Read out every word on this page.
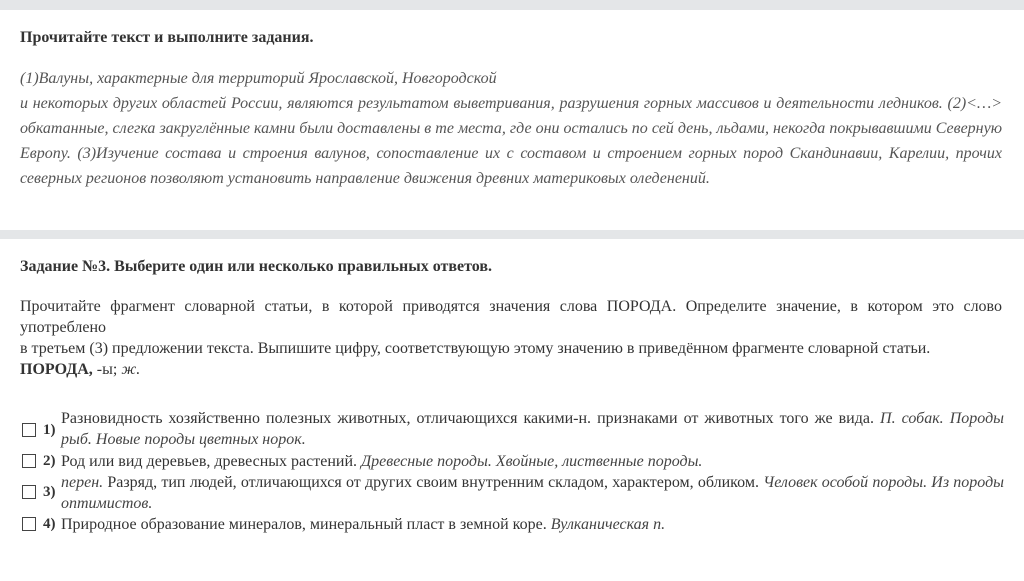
Прочитайте текст и выполните задания.

(1)Валуны, характерные для территорий Ярославской, Новгородской
и некоторых других областей России, являются результатом выветривания, разрушения горных массивов и деятельности ледников. (2)<…> обкатанные, слегка закруглённые камни были доставлены в те места, где они остались по сей день, льдами, некогда покрывавшими Северную Европу. (3)Изучение состава и строения валунов, сопоставление их с составом и строением горных пород Скандинавии, Карелии, прочих северных регионов позволяют установить направление движения древних материковых оледенений.

Задание №3. Выберите один или несколько правильных ответов.

Прочитайте фрагмент словарной статьи, в которой приводятся значения слова ПОРОДА. Определите значение, в котором это слово употреблено
в третьем (3) предложении текста. Выпишите цифру, соответствующую этому значению в приведённом фрагменте словарной статьи.
ПОРОДА, -ы; ж.
1)
Разновидность хозяйственно полезных животных, отличающихся какими-н. признаками от животных того же вида. П. собак. Породы рыб. Новые породы цветных норок.
2) Род или вид деревьев, древесных растений. Древесные породы. Хвойные, лиственные породы.
3)
перен. Разряд, тип людей, отличающихся от других своим внутренним складом, характером, обликом. Человек особой породы. Из породы оптимистов.
4) Природное образование минералов, минеральный пласт в земной коре. Вулканическая п.
